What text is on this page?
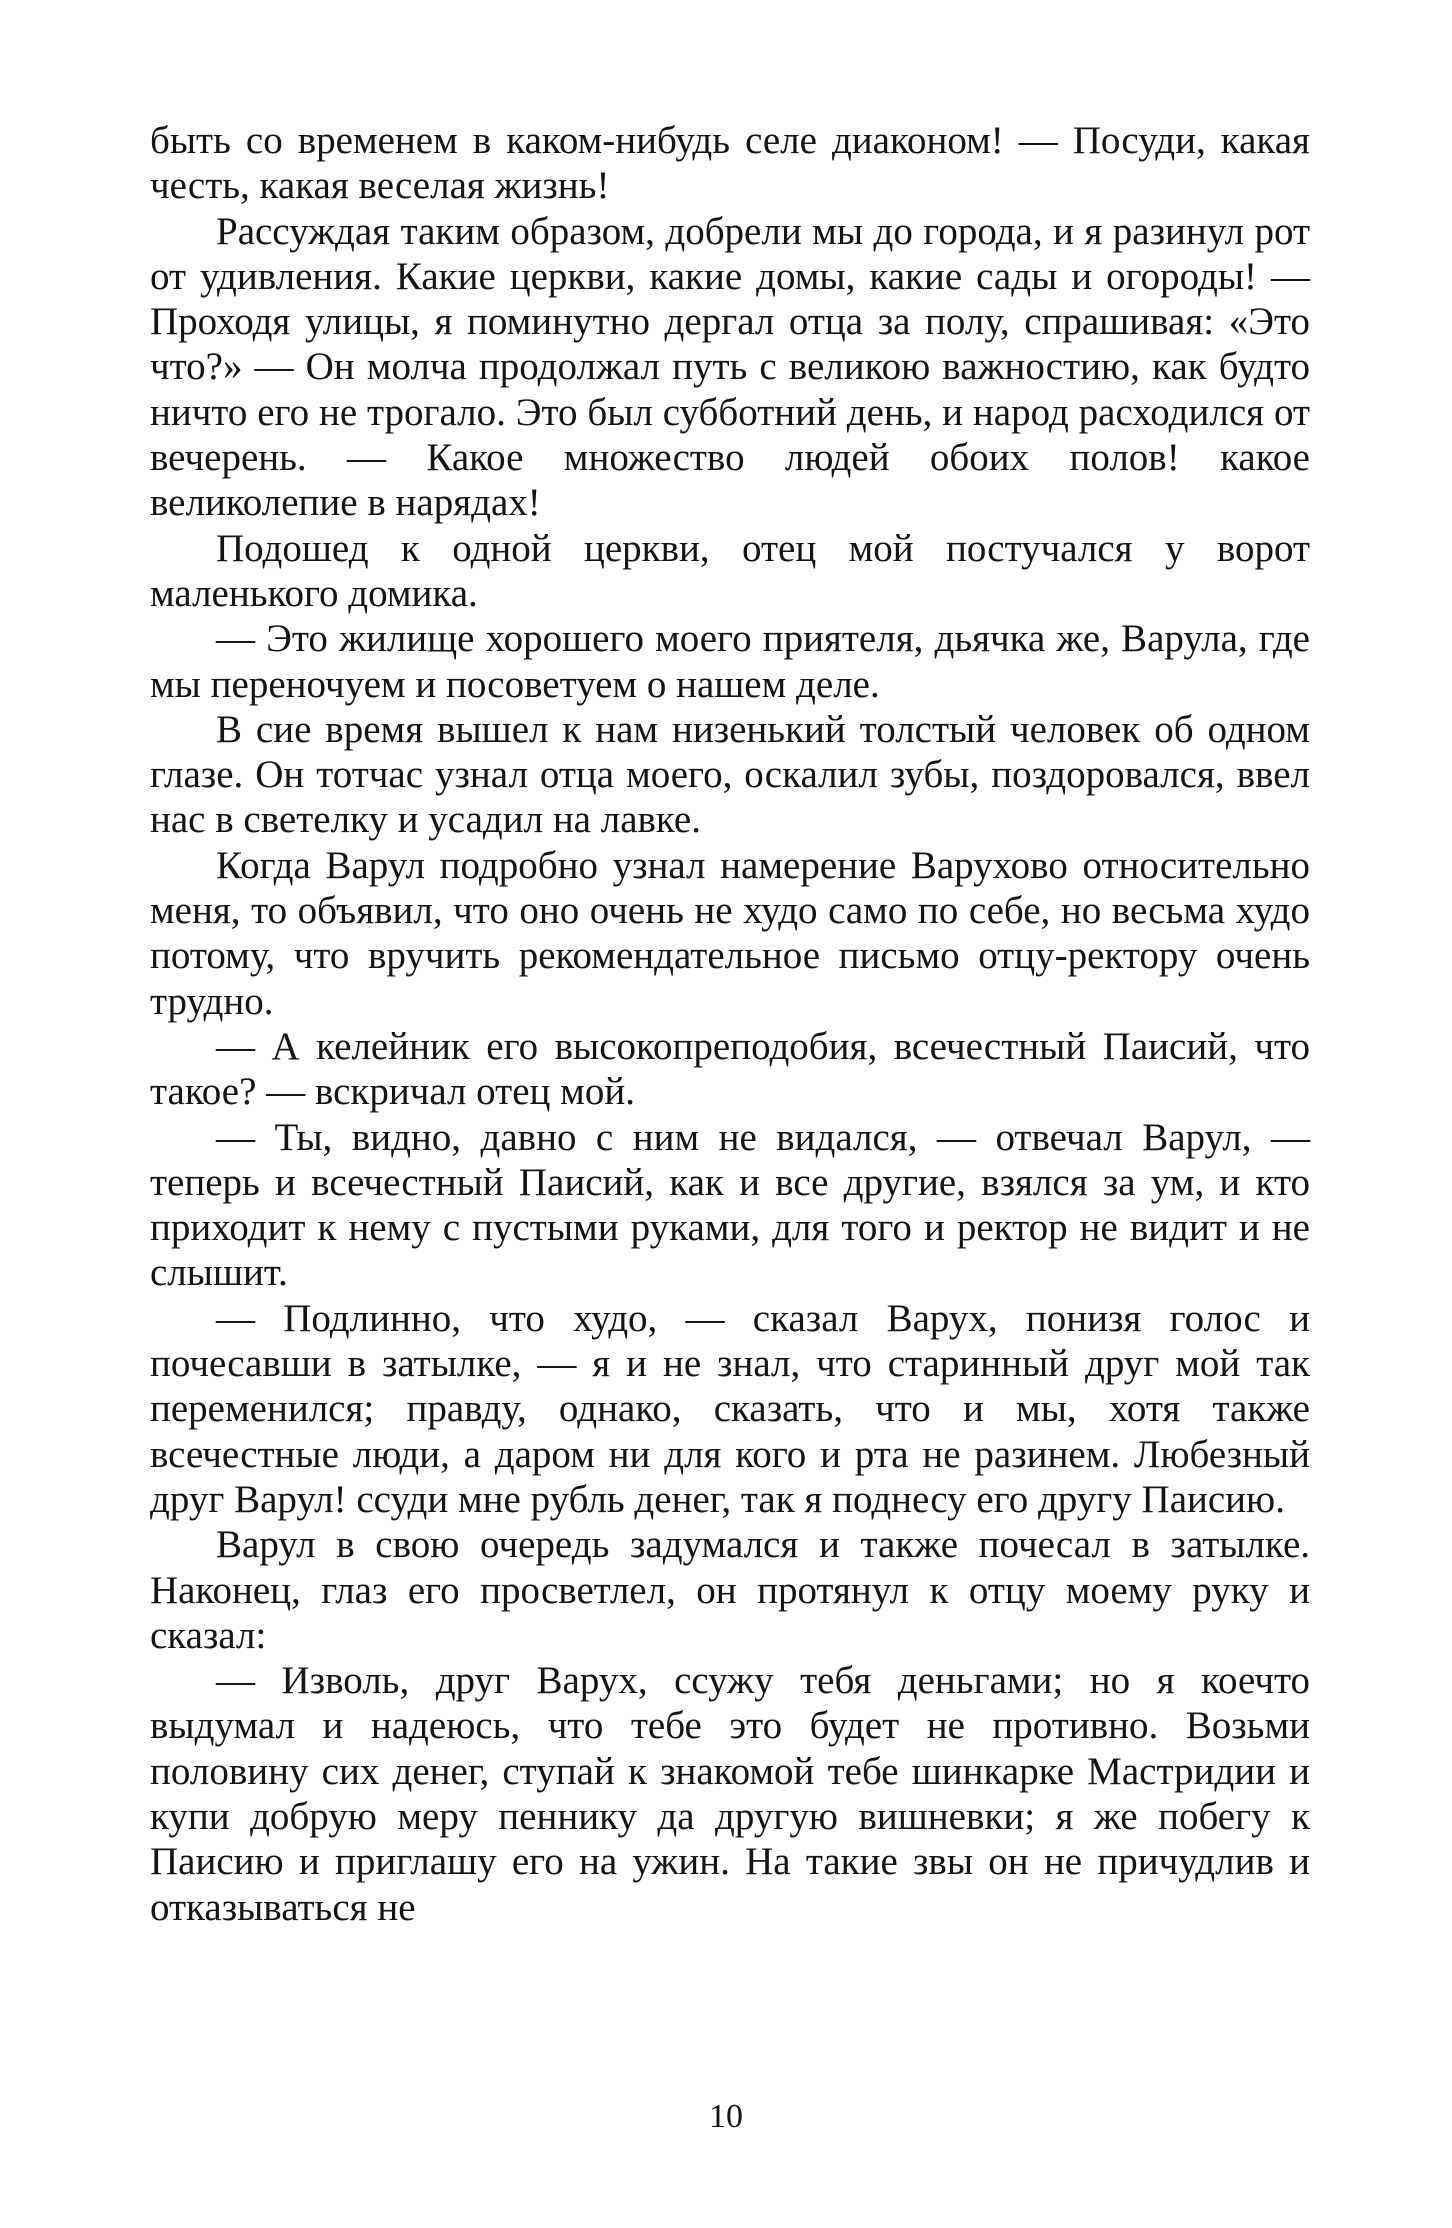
быть со временем в каком-нибудь селе диаконом! — Посуди, какая честь, какая веселая жизнь!

Рассуждая таким образом, добрели мы до города, и я разинул рот от удивления. Какие церкви, какие домы, какие сады и огороды! — Проходя улицы, я поминутно дергал отца за полу, спрашивая: «Это что?» — Он молча продолжал путь с великою важностию, как будто ничто его не трогало. Это был субботний день, и народ расходился от вечерень. — Какое множество людей обоих полов! какое великолепие в нарядах!

Подошед к одной церкви, отец мой постучался у ворот маленького домика.

— Это жилище хорошего моего приятеля, дьячка же, Варула, где мы переночуем и посоветуем о нашем деле.

В сие время вышел к нам низенький толстый человек об одном глазе. Он тотчас узнал отца моего, оскалил зубы, поздоровался, ввел нас в светелку и усадил на лавке.

Когда Варул подробно узнал намерение Варухово относительно меня, то объявил, что оно очень не худо само по себе, но весьма худо потому, что вручить рекомендательное письмо отцу-ректору очень трудно.

— А келейник его высокопреподобия, всечестный Паисий, что такое? — вскричал отец мой.

— Ты, видно, давно с ним не видался, — отвечал Варул, — теперь и всечестный Паисий, как и все другие, взялся за ум, и кто приходит к нему с пустыми руками, для того и ректор не видит и не слышит.

— Подлинно, что худо, — сказал Варух, понизя голос и почесавши в затылке, — я и не знал, что старинный друг мой так переменился; правду, однако, сказать, что и мы, хотя также всечестные люди, а даром ни для кого и рта не разинем. Любезный друг Варул! ссуди мне рубль денег, так я поднесу его другу Паисию.

Варул в свою очередь задумался и также почесал в затылке. Наконец, глаз его просветлел, он протянул к отцу моему руку и сказал:

— Изволь, друг Варух, ссужу тебя деньгами; но я коечто выдумал и надеюсь, что тебе это будет не противно. Возьми половину сих денег, ступай к знакомой тебе шинкарке Мастридии и купи добрую меру пеннику да другую вишневки; я же побегу к Паисию и приглашу его на ужин. На такие звы он не причудлив и отказываться не

10
